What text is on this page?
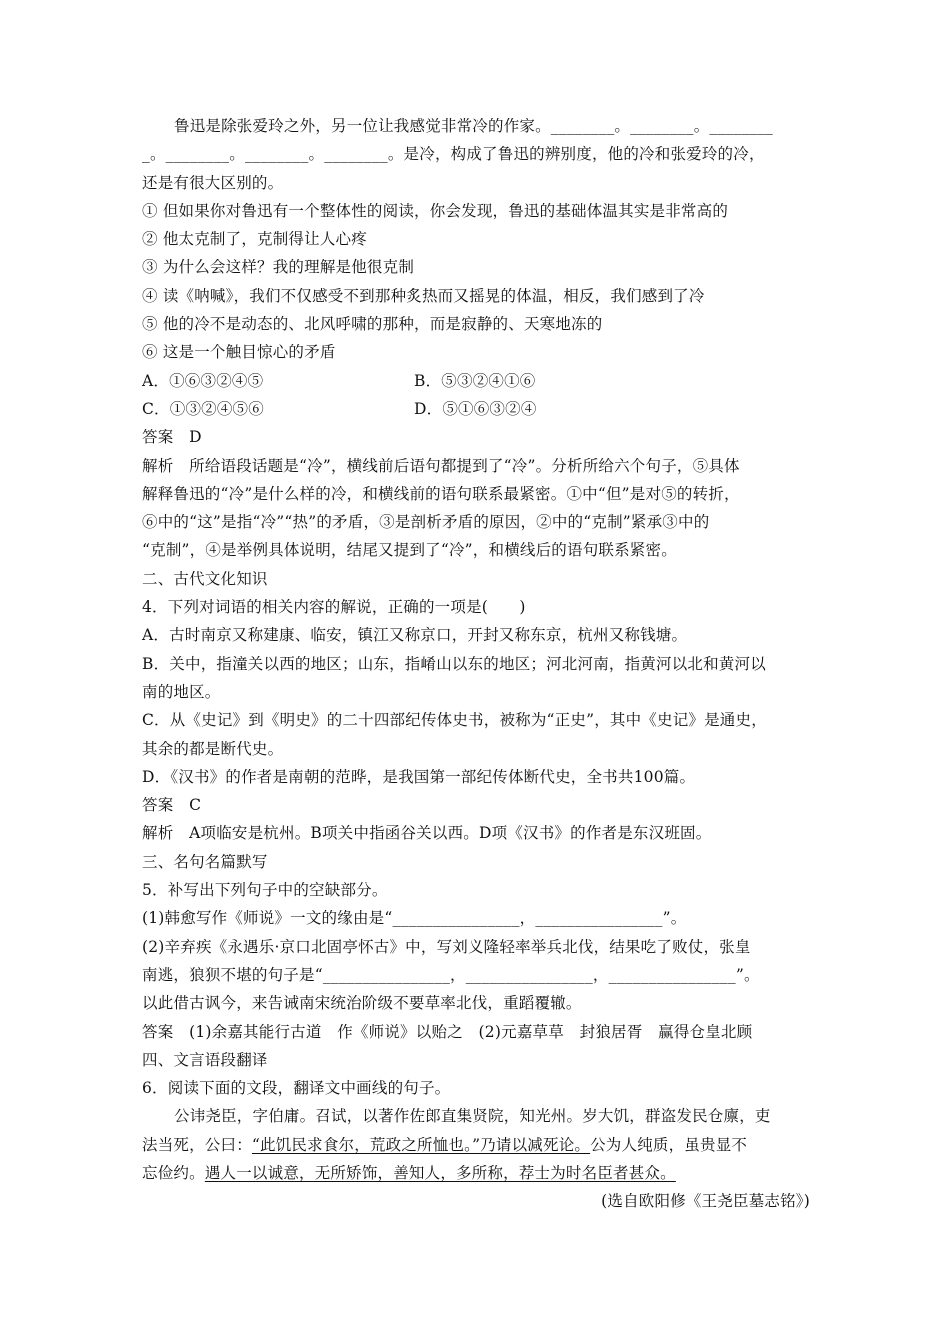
鲁迅是除张爱玲之外，另一位让我感觉非常冷的作家。________。________。________
_。________。________。________。是冷，构成了鲁迅的辨别度，他的冷和张爱玲的冷，
还是有很大区别的。
① 但如果你对鲁迅有一个整体性的阅读，你会发现，鲁迅的基础体温其实是非常高的
② 他太克制了，克制得让人心疼
③ 为什么会这样？我的理解是他很克制
④ 读《呐喊》，我们不仅感受不到那种炙热而又摇晃的体温，相反，我们感到了冷
⑤ 他的冷不是动态的、北风呼啸的那种，而是寂静的、天寒地冻的
⑥ 这是一个触目惊心的矛盾
A．①⑥③②④⑤	B．⑤③②④①⑥
C．①③②④⑤⑥	D．⑤①⑥③②④
答案　D
解析　所给语段话题是“冷”，横线前后语句都提到了“冷”。分析所给六个句子，⑤具体
解释鲁迅的“冷”是什么样的冷，和横线前的语句联系最紧密。①中“但”是对⑤的转折，
⑥中的“这”是指“冷”“热”的矛盾，③是剖析矛盾的原因，②中的“克制”紧承③中的
“克制”，④是举例具体说明，结尾又提到了“冷”，和横线后的语句联系紧密。
二、古代文化知识
4．下列对词语的相关内容的解说，正确的一项是(　　)
A．古时南京又称建康、临安，镇江又称京口，开封又称东京，杭州又称钱塘。
B．关中，指潼关以西的地区；山东，指崤山以东的地区；河北河南，指黄河以北和黄河以
南的地区。
C．从《史记》到《明史》的二十四部纪传体史书，被称为“正史”，其中《史记》是通史，
其余的都是断代史。
D．《汉书》的作者是南朝的范晔，是我国第一部纪传体断代史，全书共100篇。
答案　C
解析　A项临安是杭州。B项关中指函谷关以西。D项《汉书》的作者是东汉班固。
三、名句名篇默写
5．补写出下列句子中的空缺部分。
(1)韩愈写作《师说》一文的缘由是“________________，________________”。
(2)辛弃疾《永遇乐·京口北固亭怀古》中，写刘义隆轻率举兵北伐，结果吃了败仗，张皇
南逃，狼狈不堪的句子是“________________，________________，________________”。
以此借古讽今，来告诫南宋统治阶级不要草率北伐，重蹈覆辙。
答案　(1)余嘉其能行古道　作《师说》以贻之　(2)元嘉草草　封狼居胥　赢得仓皇北顾
四、文言语段翻译
6．阅读下面的文段，翻译文中画线的句子。
公讳尧臣，字伯庸。召试，以著作佐郎直集贤院，知光州。岁大饥，群盗发民仓廪，吏
法当死，公曰：“此饥民求食尔，荒政之所恤也。”乃请以减死论。公为人纯质，虽贵显不
忘俭约。遇人一以诚意，无所矫饰，善知人，多所称，荐士为时名臣者甚众。
(选自欧阳修《王尧臣墓志铭》)
